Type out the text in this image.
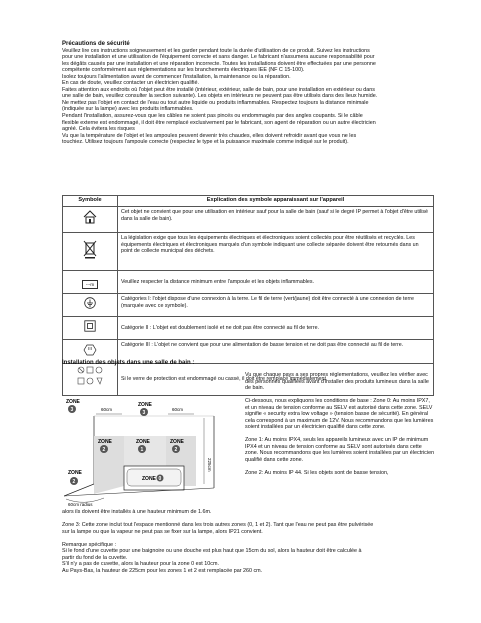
Précautions de sécurité

Veuillez lire ces instructions soigneusement et les garder pendant toute la durée d'utilisation de ce produit. Suivez les instructions

pour une installation et une utilisation de l'équipement correcte et sans danger. Le fabricant n'assumera aucune responsabilité pour

les dégâts causés par une installation et une réparation incorrecte. Toutes les installations doivent être effectuées par une personne

compétente conformément aux réglementations sur les branchements électriques IEE (NF C 15-100).

Isolez toujours l'alimentation avant de commencer l'installation, la maintenance ou la réparation.

En cas de doute, veuillez contacter un électricien qualifié.

Faites attention aux endroits où l'objet peut être installé (intérieur, extérieur, salle de bain, pour une installation en extérieur ou dans

une salle de bain, veuillez consulter la section suivante). Les objets en intérieurs ne peuvent pas être utilisés dans des lieux humide.

Ne mettez pas l'objet en contact de l'eau ou tout autre liquide ou produits inflammables. Respectez toujours la distance minimale

(indiquée sur la lampe) avec les produits inflammables.

Pendant l'installation, assurez-vous que les câbles ne soient pas pincés ou endommagés par des angles coupants. Si le câble

flexible externe est endommagé, il doit être remplacé exclusivement par le fabricant, son agent de réparation ou un autre électricien

agréé. Cela évitera les risques

Vu que la température de l'objet et les ampoules peuvent devenir très chaudes, elles doivent refroidir avant que vous ne les

touchiez. Utilisez toujours l'ampoule correcte (respectez le type et la puissance maximale comme indiqué sur le produit).

Symbole	Explication des symbole apparaissant sur l'appareil
	Cet objet ne convient que pour une utilisation en intérieur sauf pour la salle de bain (sauf si le degré IP permet à l'objet d'être utilisé dans la salle de bain).
	La législation exige que tous les équipements électriques et électroniques soient collectés pour être réutilisés et recyclés. Les équipements électriques et électroniques marqués d'un symbole indiquant une collecte séparée doivent être retournés dans un point de collecte municipal des déchets.
---m	Veuillez respecter la distance minimum entre l'ampoule et les objets inflammables.
	Catégories I: l'objet dispose d'une connexion à la terre. Le fil de terre (vert/jaune) doit être connecté à une connexion de terre (marquée avec ce symbole).
	Catégorie II : L'objet est doublement isolé et ne doit pas être connecté au fil de terre.

III	Catégorie III : L'objet ne convient que pour une alimentation de basse tension et ne doit pas être connecté au fil de terre.
	Si le verre de protection est endommagé ou cassé, il doit être remplacé immédiatement.
Installation des objets dans une salle de bain :

Vu que chaque pays a ses propres réglementations, veuillez les vérifier avec des personnes qualifiées avant d'installer des produits lumineux dans la salle de bain.

Ci-dessous, nous expliquons les conditions de base : Zone 0: Au moins IPX7, et un niveau de tension conforme au SELV est autorisé dans cette zone. SELV signifie « security extra low voltage » (tension basse de sécurité). En général cela correspond à un maximum de 12V. Nous recommandons que les lumières soient installées par un électricien qualifié dans cette zone.

Zone 1: Au moins IPX4, seuls les appareils lumineux avec un IP de minimum IPX4 et un niveau de tension conforme au SELV sont autorisés dans cette zone. Nous recommandons que les lumières soient installées par un électricien qualifié dans cette zone.

Zone 2: Au moins IP 44. Si les objets sont de basse tension,

ZONE
3	60cm
ZONE
3
60cm
225cm
ZONE
2
ZONE
1
ZONE
2
ZONE
2	ZONE 0
60cm radius

alors ils doivent être installés à une hauteur minimum de 1.6m.

Zone 3: Cette zone inclut tout l'espace mentionné dans les trois autres zones (0, 1 et 2). Tant que l'eau ne peut pas être pulvérisée

sur la lampe ou que la vapeur ne peut pas se fixer sur la lampe, alors IP21 convient.

Remarque spécifique :

Si le fond d'une cuvette pour une baignoire ou une douche est plus haut que 15cm du sol, alors la hauteur doit être calculée à

partir du fond de la cuvette.

S'il n'y a pas de cuvette, alors la hauteur pour la zone 0 est 10cm.

Au Pays-Bas, la hauteur de 225cm pour les zones 1 et 2 est remplacée par 260 cm.
